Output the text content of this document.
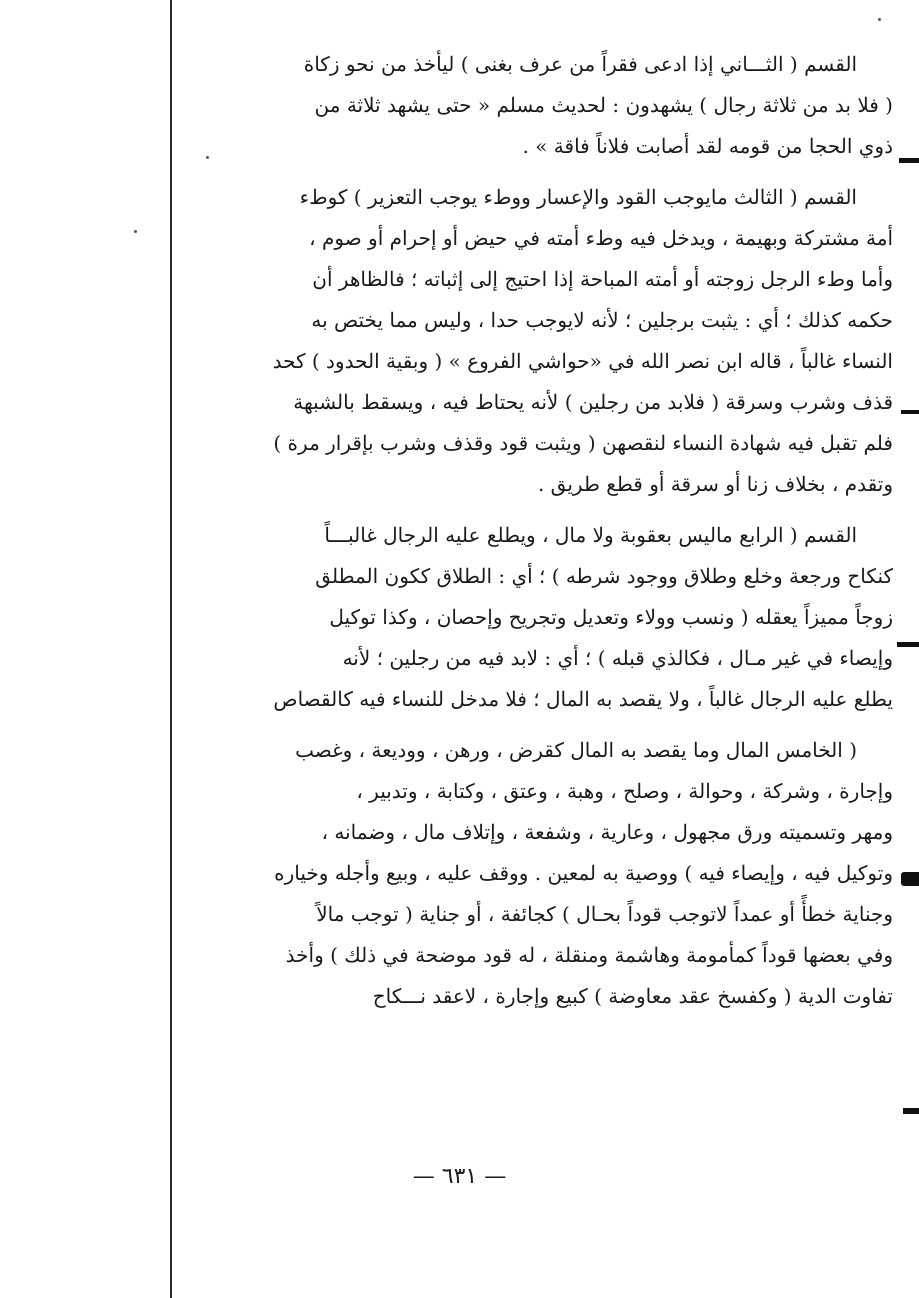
القسم ( الثـــاني إذا ادعى فقراً من عرف بغنى ) ليأخذ من نحو زكاة
( فلا بد من ثلاثة رجال ) يشهدون : لحديث مسلم « حتى يشهد ثلاثة من
ذوي الحجا من قومه لقد أصابت فلاناً فاقة » .
القسم ( الثالث مايوجب القود والإعسار ووطء يوجب التعزير ) كوطء
أمة مشتركة وبهيمة ، ويدخل فيه وطء أمته في حيض أو إحرام أو صوم ،
وأما وطء الرجل زوجته أو أمته المباحة إذا احتيج إلى إثباته ؛ فالظاهر أن
حكمه كذلك ؛ أي : يثبت برجلين ؛ لأنه لايوجب حدا ، وليس مما يختص به
النساء غالباً ، قاله ابن نصر الله في «حواشي الفروع » ( وبقية الحدود ) كحد
قذف وشرب وسرقة ( فلابد من رجلين ) لأنه يحتاط فيه ، ويسقط بالشبهة
فلم تقبل فيه شهادة النساء لنقصهن ( ويثبت قود وقذف وشرب بإقرار مرة )
وتقدم ، بخلاف زنا أو سرقة أو قطع طريق .
القسم ( الرابع ماليس بعقوبة ولا مال ، ويطلع عليه الرجال غالبـــاً
كنكاح ورجعة وخلع وطلاق ووجود شرطه ) ؛ أي : الطلاق ككون المطلق
زوجاً مميزاً يعقله ( ونسب وولاء وتعديل وتجريح وإحصان ، وكذا توكيل
وإيصاء في غير مـال ، فكالذي قبله ) ؛ أي : لابد فيه من رجلين ؛ لأنه
يطلع عليه الرجال غالباً ، ولا يقصد به المال ؛ فلا مدخل للنساء فيه كالقصاص
( الخامس المال وما يقصد به المال كقرض ، ورهن ، ووديعة ، وغصب
وإجارة ، وشركة ، وحوالة ، وصلح ، وهبة ، وعتق ، وكتابة ، وتدبير ،
ومهر وتسميته ورق مجهول ، وعارية ، وشفعة ، وإتلاف مال ، وضمانه ،
وتوكيل فيه ، وإيصاء فيه ) ووصية به لمعين . ووقف عليه ، وبيع وأجله وخياره
وجناية خطأً أو عمداً لاتوجب قوداً بحـال ) كجائفة ، أو جناية ( توجب مالاً
وفي بعضها قوداً كمأمومة وهاشمة ومنقلة ، له قود موضحة في ذلك ) وأخذ
تفاوت الدية ( وكفسخ عقد معاوضة ) كبيع وإجارة ، لاعقد نـــكاح
— ٦٣١ —
